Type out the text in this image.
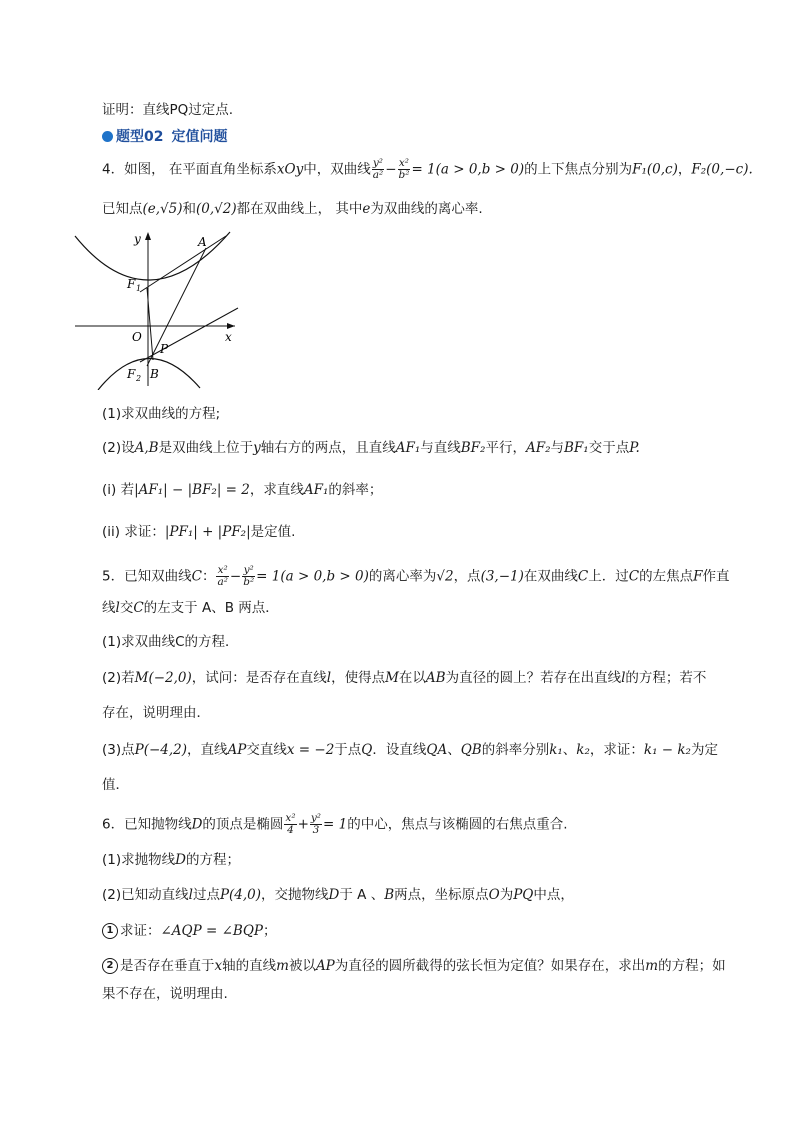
证明：直线PQ过定点.
题型02 定值问题
4．如图， 在平面直角坐标系xOy中，双曲线 $\frac{\text{y²}}{\text{a²}} - \frac{\text{x²}}{\text{b²}} = 1(a > 0,b > 0)$的上下焦点分别为F₁(0,c)，F₂(0,−c).
已知点(e,√5)和(0,√2)都在双曲线上， 其中e为双曲线的离心率.
y
x
A
F 1
O
P
F 2 B
(1)求双曲线的方程;
(2)设A,B是双曲线上位于y轴右方的两点，且直线AF₁与直线BF₂平行，AF₂与BF₁交于点P.
(i) 若|AF₁| − |BF₂| = 2，求直线AF₁的斜率；
(ii) 求证：|PF₁| + |PF₂|是定值.
5．已知双曲线C： $\frac{\text{x²}}{\text{a²}} - \frac{\text{y²}}{\text{b²}} = 1(a > 0,b > 0)$的离心率为√2，点(3,−1)在双曲线C上．过C的左焦点F作直
线l交C的左支于 A、B 两点．
(1)求双曲线C的方程．
(2)若M(−2,0)，试问：是否存在直线l，使得点M在以AB为直径的圆上？若存在出直线l的方程；若不
存在，说明理由．
(3)点P(−4,2)，直线AP交直线x = −2于点Q．设直线QA、QB的斜率分别k₁、k₂，求证：k₁ − k₂为定
值．
6．已知抛物线D的顶点是椭圆 $\frac{\text{x²}}{4} + \frac{\text{y²}}{3} = 1$的中心，焦点与该椭圆的右焦点重合.
(1)求抛物线D的方程；
(2)已知动直线l过点P(4,0)，交抛物线D于 A 、B两点，坐标原点O为PQ中点，
1 求证：∠AQP = ∠BQP；
2 是否存在垂直于x轴的直线m被以AP为直径的圆所截得的弦长恒为定值？如果存在，求出m的方程；如
果不存在，说明理由.
